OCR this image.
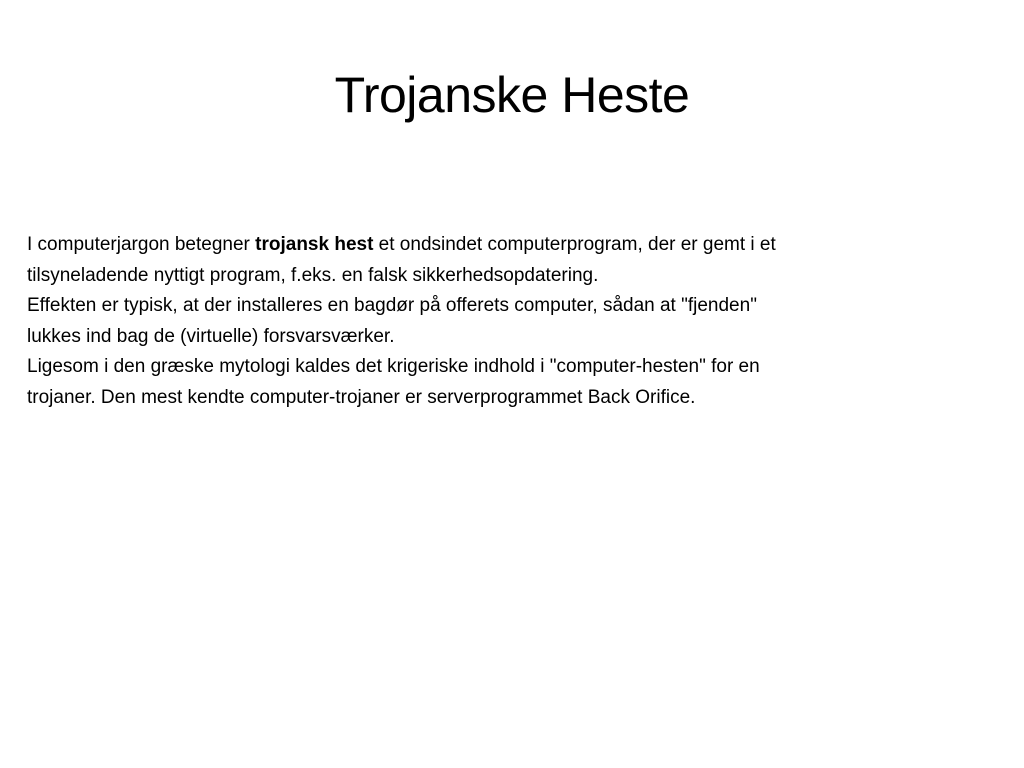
Trojanske Heste

I computerjargon betegner trojansk hest et ondsindet computerprogram, der er gemt i et
tilsyneladende nyttigt program, f.eks. en falsk sikkerhedsopdatering.

Effekten er typisk, at der installeres en bagdør på offerets computer, sådan at "fjenden"
lukkes ind bag de (virtuelle) forsvarsværker.

Ligesom i den græske mytologi kaldes det krigeriske indhold i "computer-hesten" for en
trojaner. Den mest kendte computer-trojaner er serverprogrammet Back Orifice.
